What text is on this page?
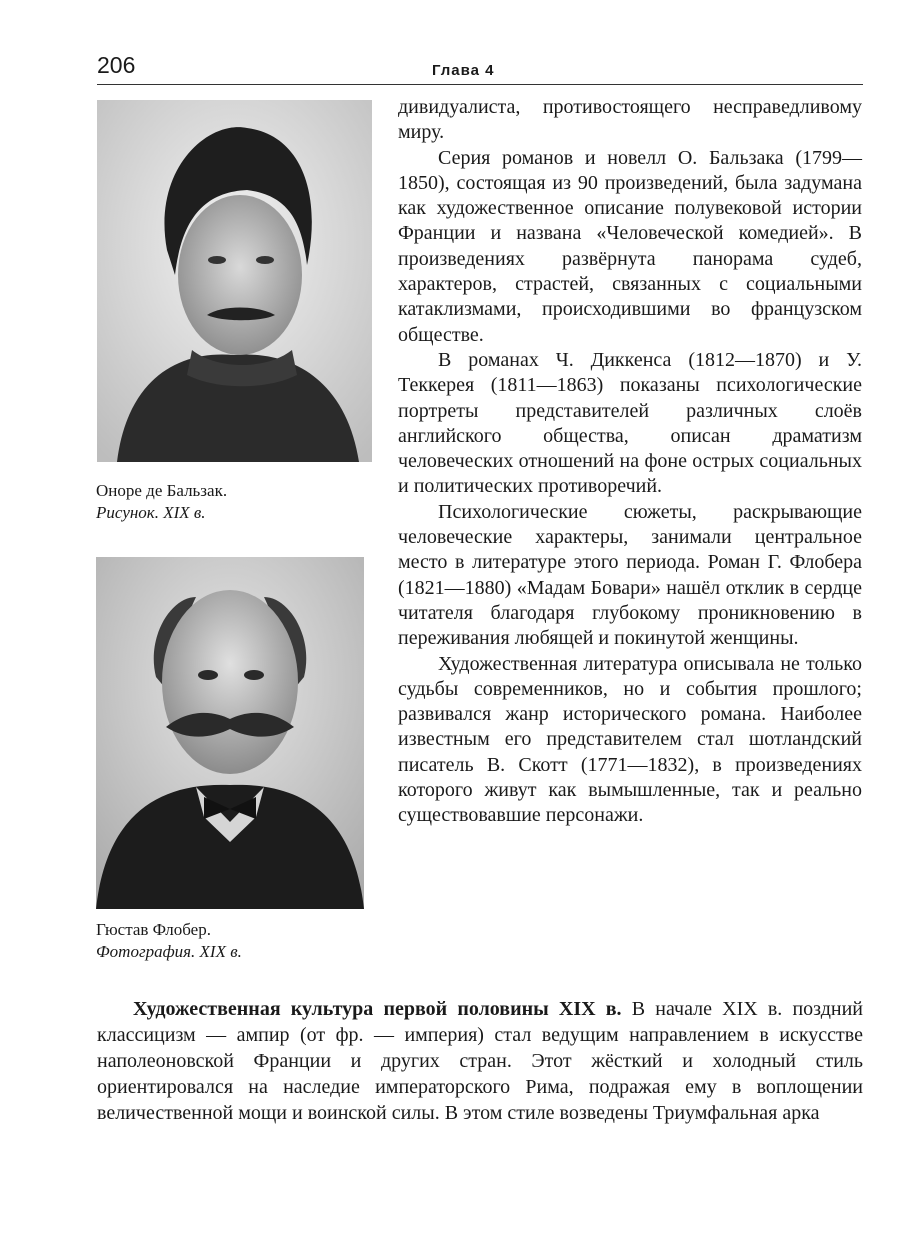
206	Глава 4
Оноре де Бальзак.
Рисунок. XIX в.
Гюстав Флобер.
Фотография. XIX в.

дивидуалиста, противостоящего несправедливому миру.

Серия романов и новелл О. Бальзака (1799—1850), состоящая из 90 произведений, была задумана как художественное описание полувековой истории Франции и названа «Человеческой комедией». В произведениях развёрнута панорама судеб, характеров, страстей, связанных с социальными катаклизмами, происходившими во французском обществе.

В романах Ч. Диккенса (1812—1870) и У. Теккерея (1811—1863) показаны психологические портреты представителей различных слоёв английского общества, описан драматизм человеческих отношений на фоне острых социальных и политических противоречий.

Психологические сюжеты, раскрывающие человеческие характеры, занимали центральное место в литературе этого периода. Роман Г. Флобера (1821—1880) «Мадам Бовари» нашёл отклик в сердце читателя благодаря глубокому проникновению в переживания любящей и покинутой женщины.

Художественная литература описывала не только судьбы современников, но и события прошлого; развивался жанр исторического романа. Наиболее известным его представителем стал шотландский писатель В. Скотт (1771—1832), в произведениях которого живут как вымышленные, так и реально существовавшие персонажи.

Художественная культура первой половины XIX в. В начале XIX в. поздний классицизм — ампир (от фр. — империя) стал ведущим направлением в искусстве наполеоновской Франции и других стран. Этот жёсткий и холодный стиль ориентировался на наследие императорского Рима, подражая ему в воплощении величественной мощи и воинской силы. В этом стиле возведены Триумфальная арка
